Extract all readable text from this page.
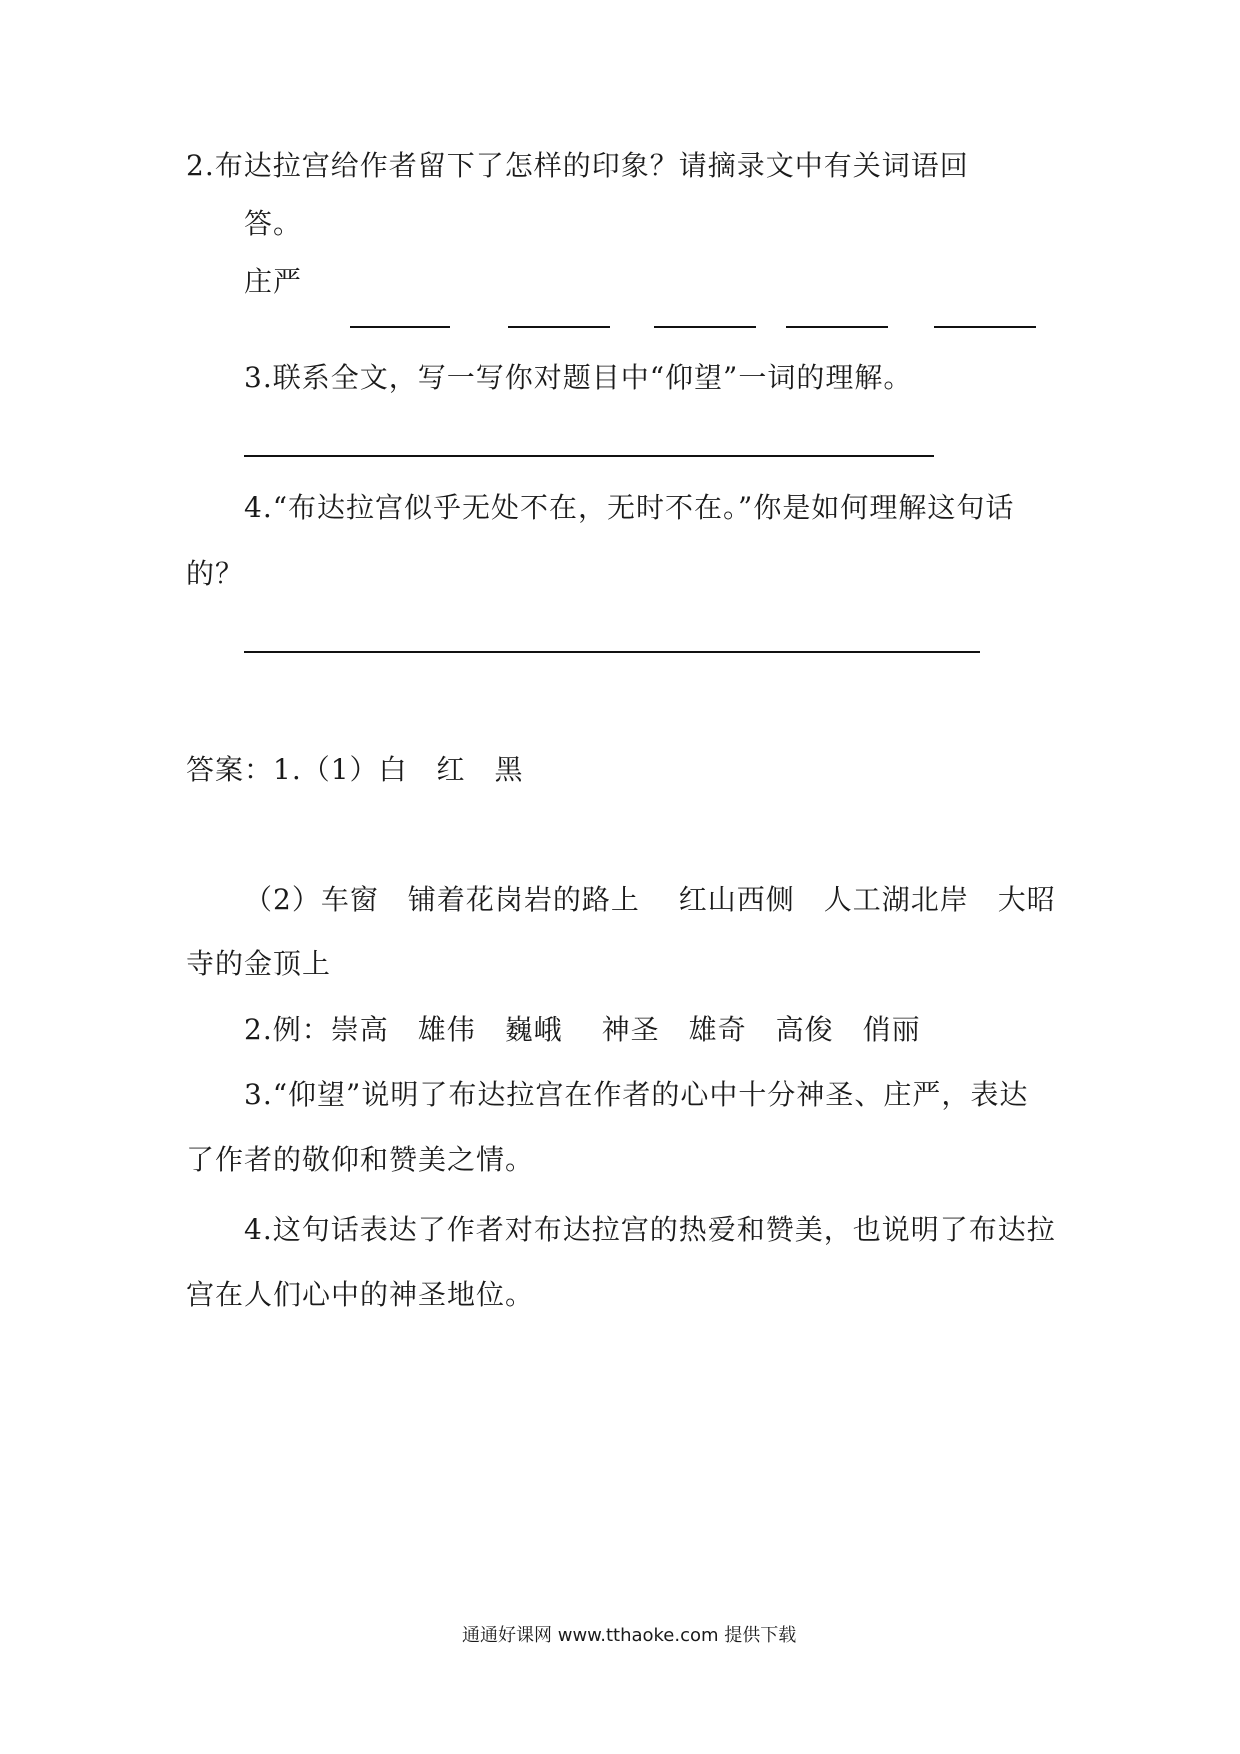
2.布达拉宫给作者留下了怎样的印象？请摘录文中有关词语回
答。
庄严
3.联系全文，写一写你对题目中“仰望”一词的理解。
4.“布达拉宫似乎无处不在，无时不在。”你是如何理解这句话
的？
答案：1.（1）白　红　黑
（2）车窗　铺着花岗岩的路上　 红山西侧　人工湖北岸　大昭
寺的金顶上
2.例：崇高　雄伟　巍峨　 神圣　雄奇　高俊　俏丽
3.“仰望”说明了布达拉宫在作者的心中十分神圣、庄严，表达
了作者的敬仰和赞美之情。
4.这句话表达了作者对布达拉宫的热爱和赞美，也说明了布达拉
宫在人们心中的神圣地位。
通通好课网 www.tthaoke.com 提供下载
